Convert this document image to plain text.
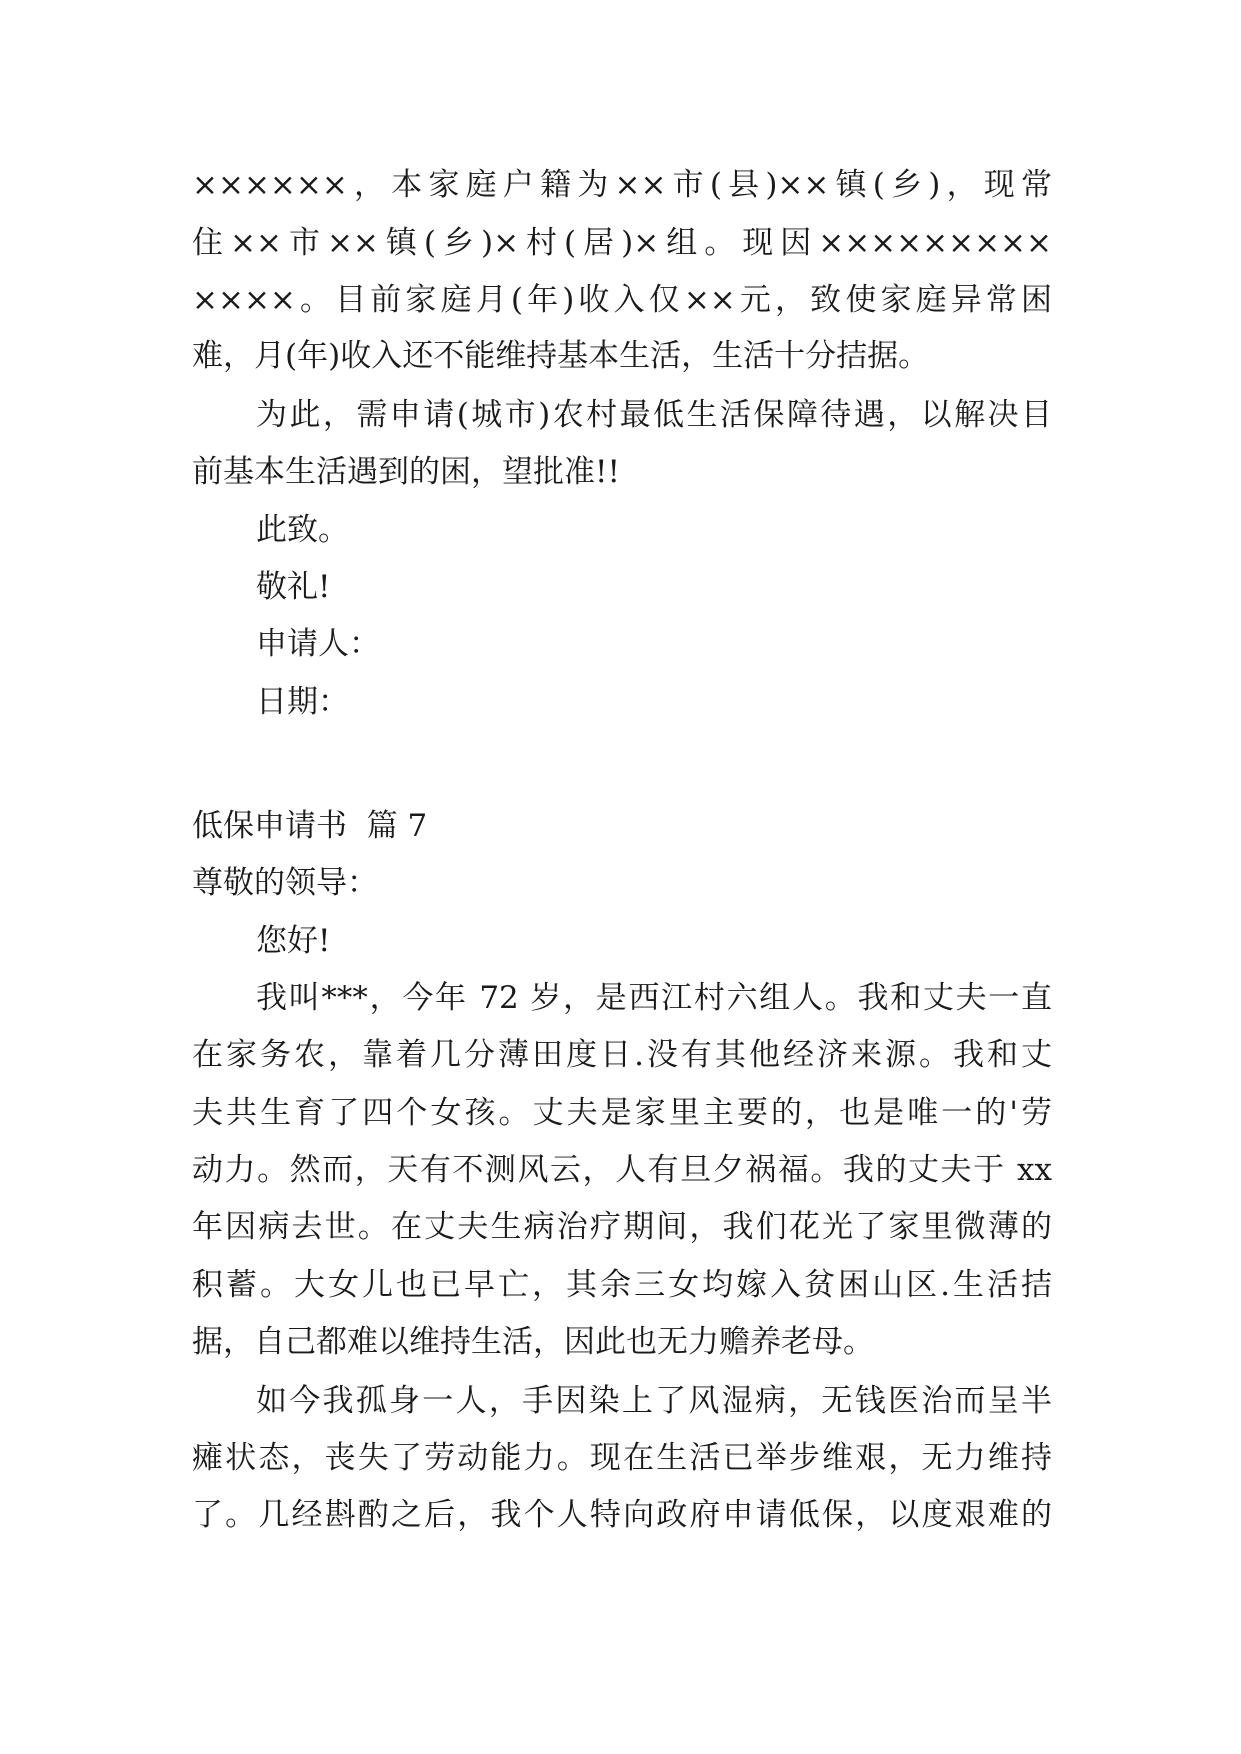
××××××，本家庭户籍为××市(县)××镇(乡)，现常
住××市××镇(乡)×村(居)×组。现因×××××××××
××××。目前家庭月(年)收入仅××元，致使家庭异常困
难，月(年)收入还不能维持基本生活，生活十分拮据。
为此，需申请(城市)农村最低生活保障待遇，以解决目
前基本生活遇到的困，望批准!!
此致。
敬礼!
申请人：
日期：
低保申请书  篇 7
尊敬的领导：
您好!
我叫***，今年 72 岁，是西江村六组人。我和丈夫一直
在家务农，靠着几分薄田度日.没有其他经济来源。我和丈
夫共生育了四个女孩。丈夫是家里主要的，也是唯一的'劳
动力。然而，天有不测风云，人有旦夕祸福。我的丈夫于 xx
年因病去世。在丈夫生病治疗期间，我们花光了家里微薄的
积蓄。大女儿也已早亡，其余三女均嫁入贫困山区.生活拮
据，自己都难以维持生活，因此也无力赡养老母。
如今我孤身一人，手因染上了风湿病，无钱医治而呈半
瘫状态，丧失了劳动能力。现在生活已举步维艰，无力维持
了。几经斟酌之后，我个人特向政府申请低保，以度艰难的
